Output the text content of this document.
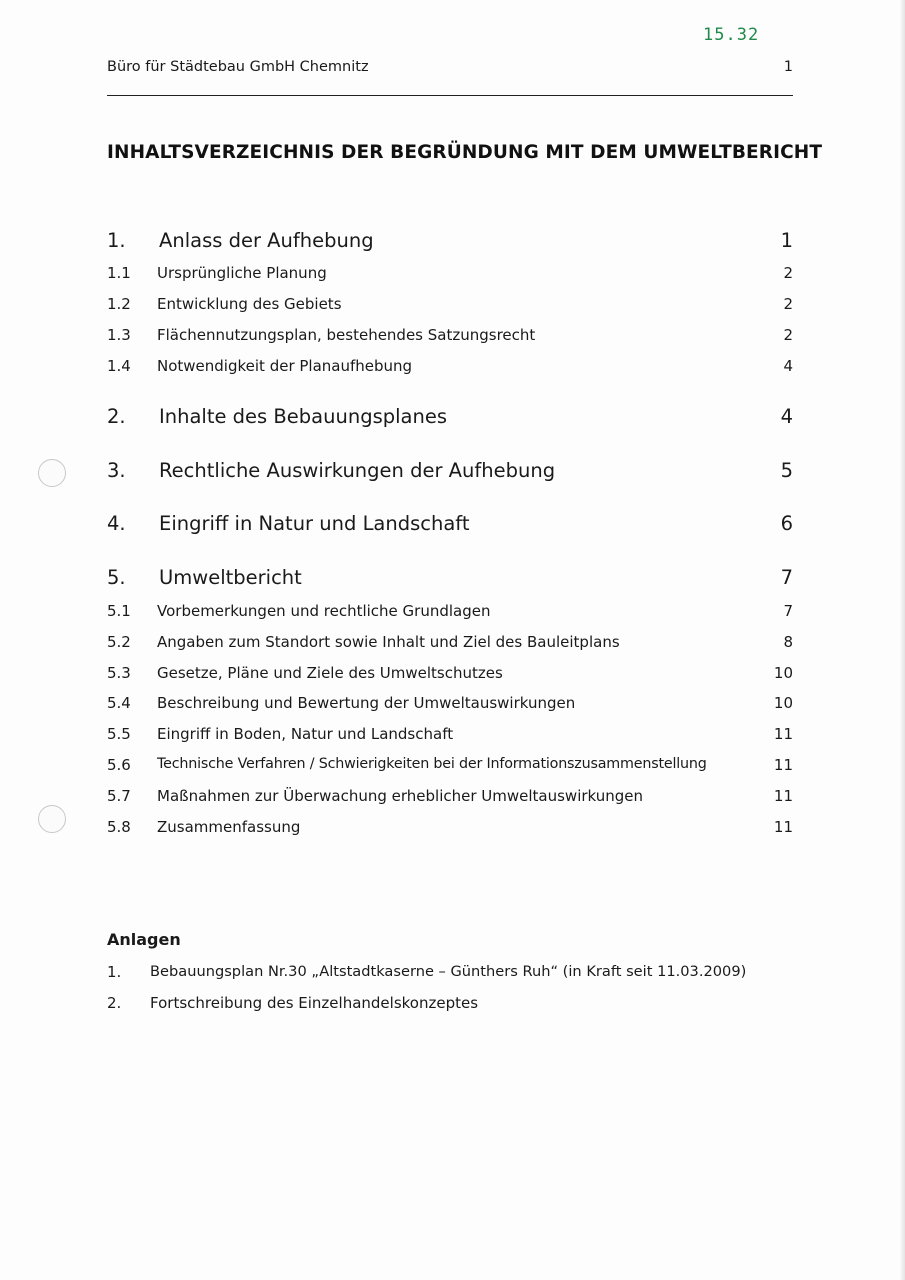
15.32
Büro für Städtebau GmbH Chemnitz	1
INHALTSVERZEICHNIS DER BEGRÜNDUNG MIT DEM UMWELTBERICHT
1. Anlass der Aufhebung	1
1.1 Ursprüngliche Planung	2
1.2 Entwicklung des Gebiets	2
1.3 Flächennutzungsplan, bestehendes Satzungsrecht	2
1.4 Notwendigkeit der Planaufhebung	4
2. Inhalte des Bebauungsplanes	4
3. Rechtliche Auswirkungen der Aufhebung	5
4. Eingriff in Natur und Landschaft	6
5. Umweltbericht	7
5.1 Vorbemerkungen und rechtliche Grundlagen	7
5.2 Angaben zum Standort sowie Inhalt und Ziel des Bauleitplans	8
5.3 Gesetze, Pläne und Ziele des Umweltschutzes	10
5.4 Beschreibung und Bewertung der Umweltauswirkungen	10
5.5 Eingriff in Boden, Natur und Landschaft	11
5.6 Technische Verfahren / Schwierigkeiten bei der Informationszusammenstellung	11
5.7 Maßnahmen zur Überwachung erheblicher Umweltauswirkungen	11
5.8 Zusammenfassung	11
Anlagen
1. Bebauungsplan Nr.30 „Altstadtkaserne – Günthers Ruh“ (in Kraft seit 11.03.2009)
2. Fortschreibung des Einzelhandelskonzeptes
